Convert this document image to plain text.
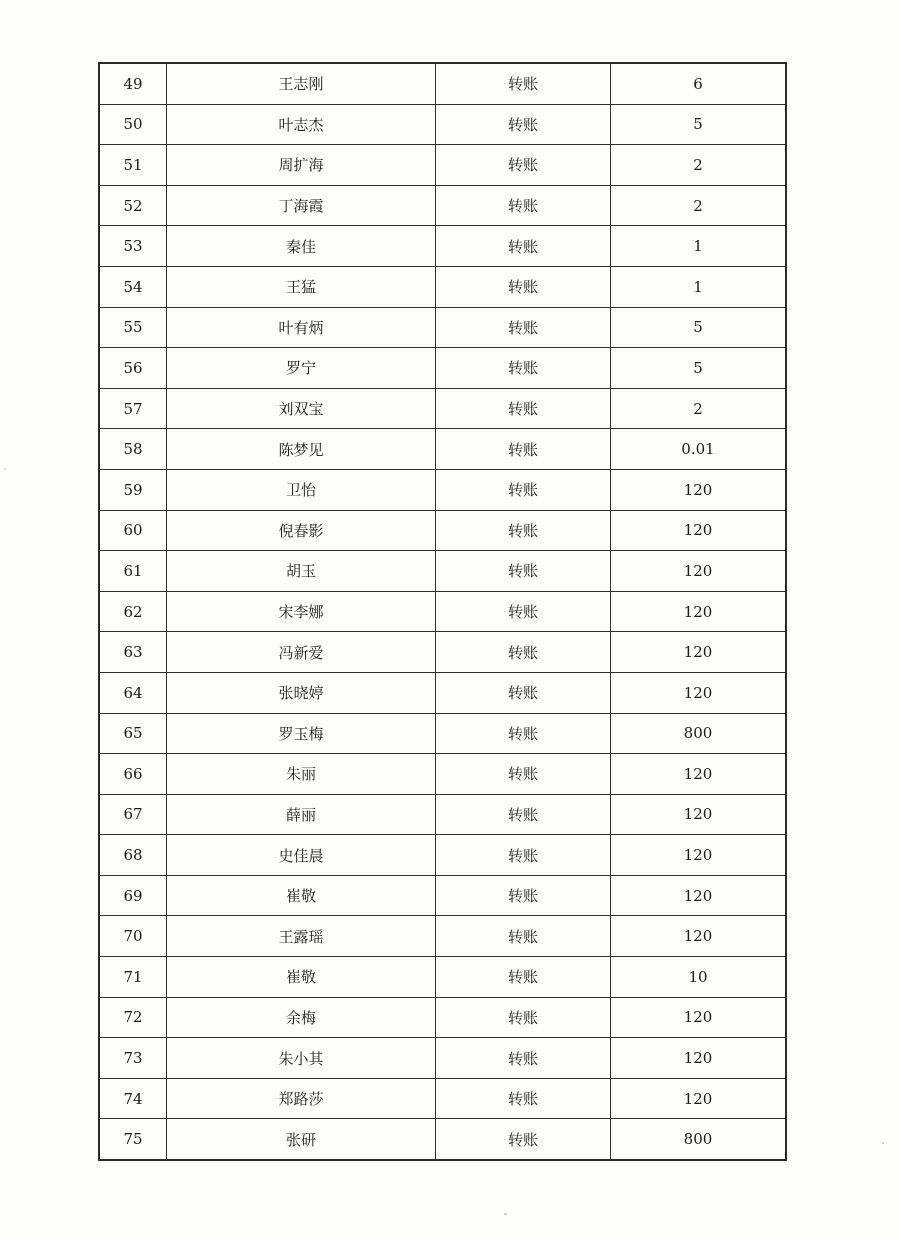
49	王志刚	转账	6
50	叶志杰	转账	5
51	周扩海	转账	2
52	丁海霞	转账	2
53	秦佳	转账	1
54	王猛	转账	1
55	叶有炳	转账	5
56	罗宁	转账	5
57	刘双宝	转账	2
58	陈梦见	转账	0.01
59	卫怡	转账	120
60	倪春影	转账	120
61	胡玉	转账	120
62	宋李娜	转账	120
63	冯新爱	转账	120
64	张晓婷	转账	120
65	罗玉梅	转账	800
66	朱丽	转账	120
67	薛丽	转账	120
68	史佳晨	转账	120
69	崔敬	转账	120
70	王露瑶	转账	120
71	崔敬	转账	10
72	余梅	转账	120
73	朱小其	转账	120
74	郑路莎	转账	120
75	张研	转账	800
